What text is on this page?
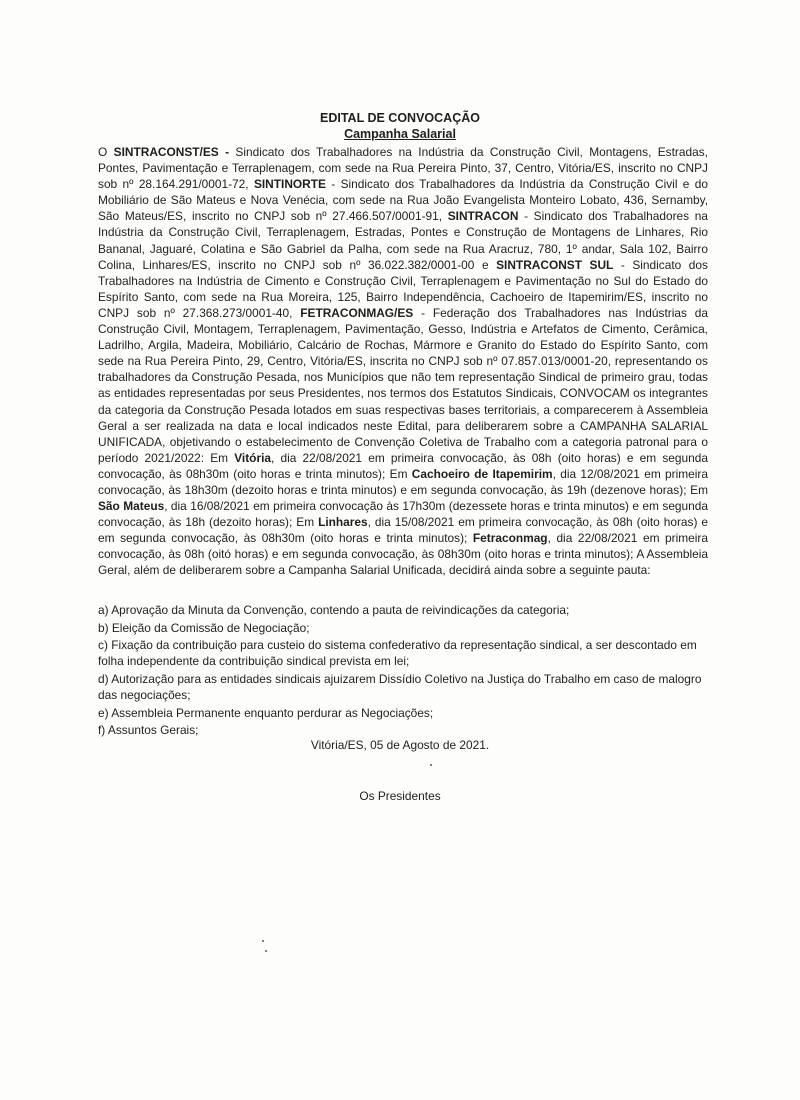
EDITAL DE CONVOCAÇÃO
Campanha Salarial

O SINTRACONST/ES - Sindicato dos Trabalhadores na Indústria da Construção Civil, Montagens, Estradas, Pontes, Pavimentação e Terraplenagem, com sede na Rua Pereira Pinto, 37, Centro, Vitória/ES, inscrito no CNPJ sob nº 28.164.291/0001-72, SINTINORTE - Sindicato dos Trabalhadores da Indústria da Construção Civil e do Mobiliário de São Mateus e Nova Venécia, com sede na Rua João Evangelista Monteiro Lobato, 436, Sernamby, São Mateus/ES, inscrito no CNPJ sob nº 27.466.507/0001-91, SINTRACON - Sindicato dos Trabalhadores na Indústria da Construção Civil, Terraplenagem, Estradas, Pontes e Construção de Montagens de Linhares, Rio Bananal, Jaguaré, Colatina e São Gabriel da Palha, com sede na Rua Aracruz, 780, 1º andar, Sala 102, Bairro Colina, Linhares/ES, inscrito no CNPJ sob nº 36.022.382/0001-00 e SINTRACONST SUL - Sindicato dos Trabalhadores na Indústria de Cimento e Construção Civil, Terraplenagem e Pavimentação no Sul do Estado do Espírito Santo, com sede na Rua Moreira, 125, Bairro Independência, Cachoeiro de Itapemirim/ES, inscrito no CNPJ sob nº 27.368.273/0001-40, FETRACONMAG/ES - Federação dos Trabalhadores nas Indústrias da Construção Civil, Montagem, Terraplenagem, Pavimentação, Gesso, Indústria e Artefatos de Cimento, Cerâmica, Ladrilho, Argila, Madeira, Mobiliário, Calcário de Rochas, Mármore e Granito do Estado do Espírito Santo, com sede na Rua Pereira Pinto, 29, Centro, Vitória/ES, inscrita no CNPJ sob nº 07.857.013/0001-20, representando os trabalhadores da Construção Pesada, nos Municípios que não tem representação Sindical de primeiro grau, todas as entidades representadas por seus Presidentes, nos termos dos Estatutos Sindicais, CONVOCAM os integrantes da categoria da Construção Pesada lotados em suas respectivas bases territoriais, a comparecerem à Assembleia Geral a ser realizada na data e local indicados neste Edital, para deliberarem sobre a CAMPANHA SALARIAL UNIFICADA, objetivando o estabelecimento de Convenção Coletiva de Trabalho com a categoria patronal para o período 2021/2022: Em Vitória, dia 22/08/2021 em primeira convocação, às 08h (oito horas) e em segunda convocação, às 08h30m (oito horas e trinta minutos); Em Cachoeiro de Itapemirim, dia 12/08/2021 em primeira convocação, às 18h30m (dezoito horas e trinta minutos) e em segunda convocação, às 19h (dezenove horas); Em São Mateus, dia 16/08/2021 em primeira convocação às 17h30m (dezessete horas e trinta minutos) e em segunda convocação, às 18h (dezoito horas); Em Linhares, dia 15/08/2021 em primeira convocação, às 08h (oito horas) e em segunda convocação, às 08h30m (oito horas e trinta minutos); Fetraconmag, dia 22/08/2021 em primeira convocação, às 08h (oitó horas) e em segunda convocação, às 08h30m (oito horas e trinta minutos); A Assembleia Geral, além de deliberarem sobre a Campanha Salarial Unificada, decidirá ainda sobre a seguinte pauta:

a) Aprovação da Minuta da Convenção, contendo a pauta de reivindicações da categoria;
b) Eleição da Comissão de Negociação;
c) Fixação da contribuição para custeio do sistema confederativo da representação sindical, a ser descontado em folha independente da contribuição sindical prevista em lei;
d) Autorização para as entidades sindicais ajuizarem Dissídio Coletivo na Justiça do Trabalho em caso de malogro das negociações;
e) Assembleia Permanente enquanto perdurar as Negociações;
f) Assuntos Gerais;
Vitória/ES, 05 de Agosto de 2021.
Os Presidentes
